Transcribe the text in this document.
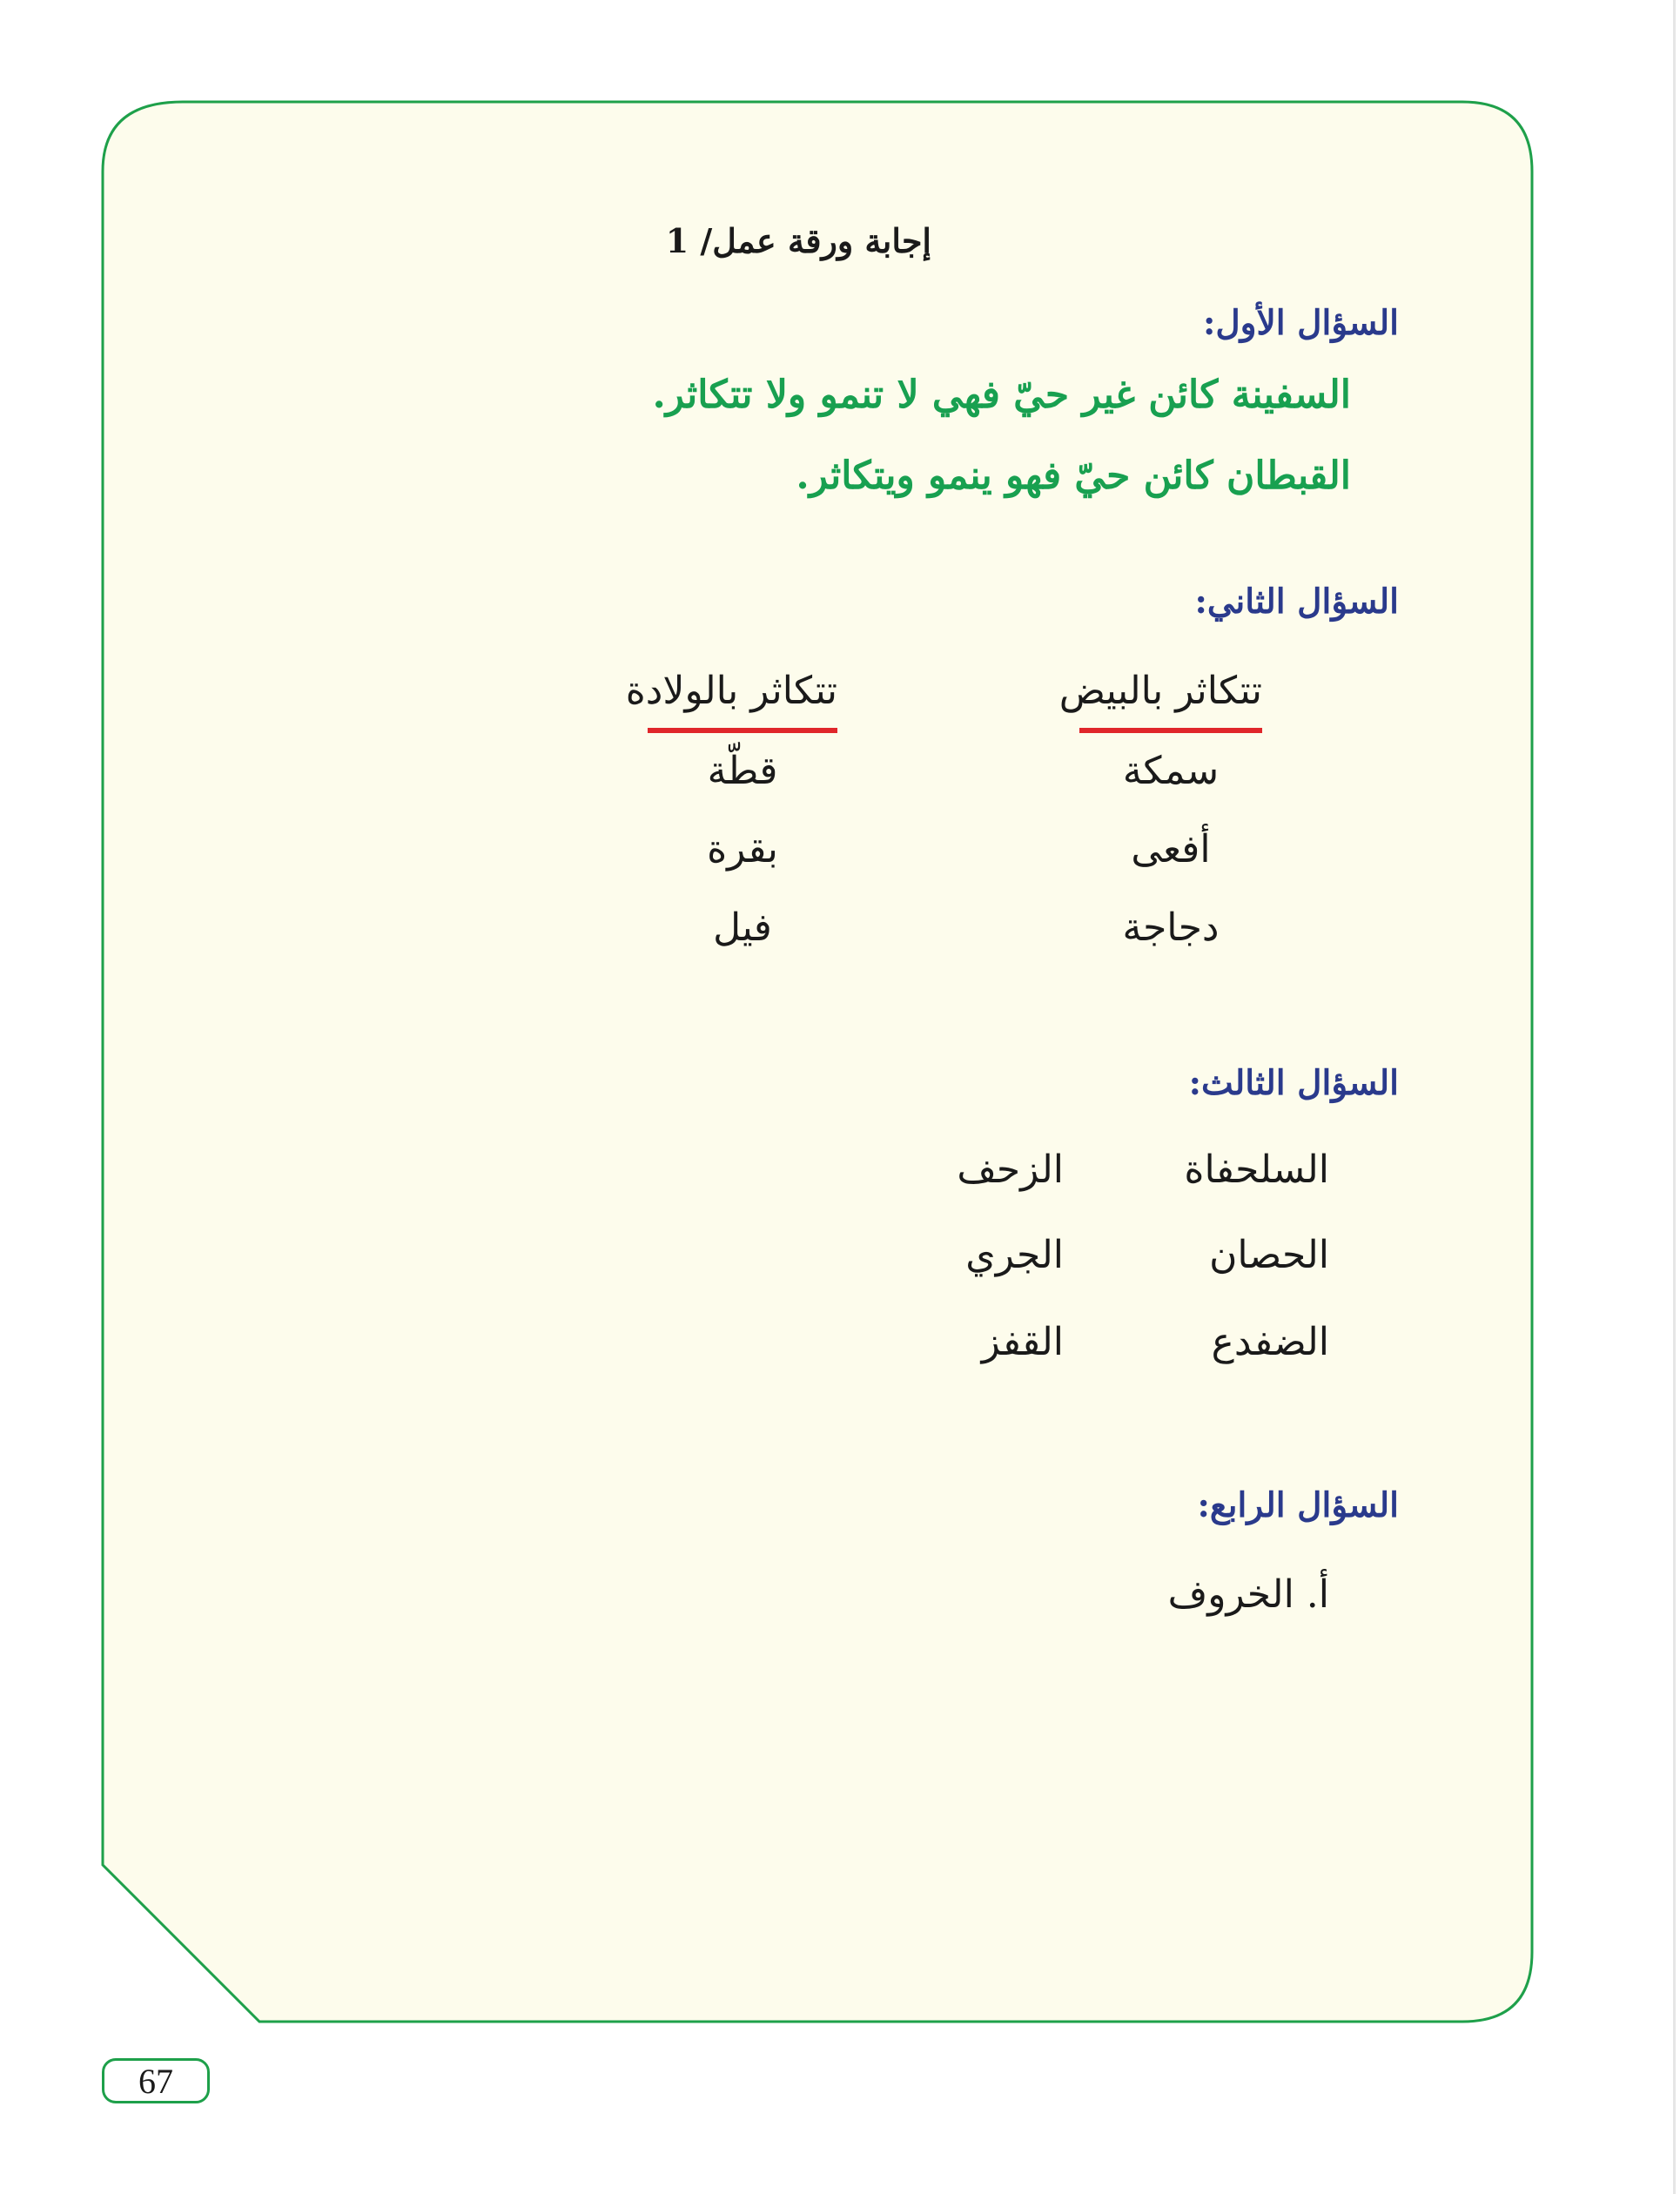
إجابة ورقة عمل/ 1
السؤال الأول:
السفينة كائن غير حيّ فهي لا تنمو ولا تتكاثر.
القبطان كائن حيّ فهو ينمو ويتكاثر.
السؤال الثاني:
تتكاثر بالبيض
تتكاثر بالولادة
سمكة
أفعى
دجاجة
قطّة
بقرة
فيل
السؤال الثالث:
السلحفاة
الزحف
الحصان
الجري
الضفدع
القفز
السؤال الرابع:
أ. الخروف
67
